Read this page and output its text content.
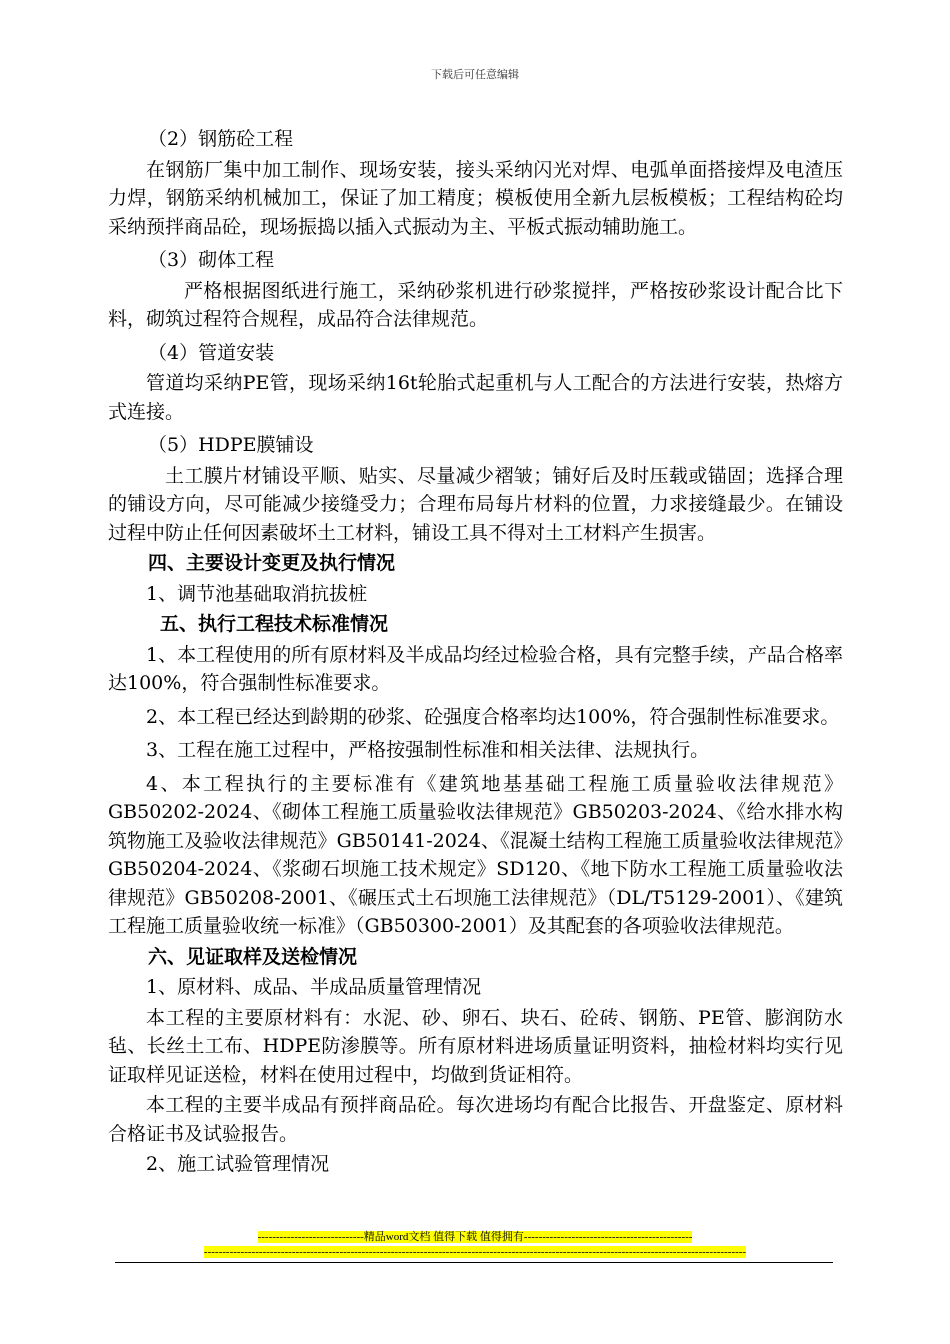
下载后可任意编辑

（2）钢筋砼工程

在钢筋厂集中加工制作、现场安装，接头采纳闪光对焊、电弧单面搭接焊及电渣压力焊，钢筋采纳机械加工，保证了加工精度；模板使用全新九层板模板；工程结构砼均采纳预拌商品砼，现场振捣以插入式振动为主、平板式振动辅助施工。

（3）砌体工程

严格根据图纸进行施工，采纳砂浆机进行砂浆搅拌，严格按砂浆设计配合比下料，砌筑过程符合规程，成品符合法律规范。

（4）管道安装

管道均采纳PE管，现场采纳16t轮胎式起重机与人工配合的方法进行安装，热熔方式连接。

（5）HDPE膜铺设

土工膜片材铺设平顺、贴实、尽量减少褶皱；铺好后及时压载或锚固；选择合理的铺设方向，尽可能减少接缝受力；合理布局每片材料的位置，力求接缝最少。在铺设过程中防止任何因素破坏土工材料，铺设工具不得对土工材料产生损害。

四、主要设计变更及执行情况

1、调节池基础取消抗拔桩

五、执行工程技术标准情况

1、本工程使用的所有原材料及半成品均经过检验合格，具有完整手续，产品合格率达100%，符合强制性标准要求。

2、本工程已经达到龄期的砂浆、砼强度合格率均达100%，符合强制性标准要求。

3、工程在施工过程中，严格按强制性标准和相关法律、法规执行。

4、本工程执行的主要标准有《建筑地基基础工程施工质量验收法律规范》GB50202-2024、《砌体工程施工质量验收法律规范》GB50203-2024、《给水排水构筑物施工及验收法律规范》GB50141-2024、《混凝土结构工程施工质量验收法律规范》GB50204-2024、《浆砌石坝施工技术规定》SD120、《地下防水工程施工质量验收法律规范》GB50208-2001、《碾压式土石坝施工法律规范》（DL/T5129-2001）、《建筑工程施工质量验收统一标准》（GB50300-2001）及其配套的各项验收法律规范。

六、见证取样及送检情况

1、原材料、成品、半成品质量管理情况

本工程的主要原材料有：水泥、砂、卵石、块石、砼砖、钢筋、PE管、膨润防水毡、长丝土工布、HDPE防渗膜等。所有原材料进场质量证明资料，抽检材料均实行见证取样见证送检，材料在使用过程中，均做到货证相符。

本工程的主要半成品有预拌商品砼。每次进场均有配合比报告、开盘鉴定、原材料合格证书及试验报告。

2、施工试验管理情况

-----------------------------精品word文档 值得下载 值得拥有----------------------------------------------
----------------------------------------------------------------------------------------------------------------------------------------------------
